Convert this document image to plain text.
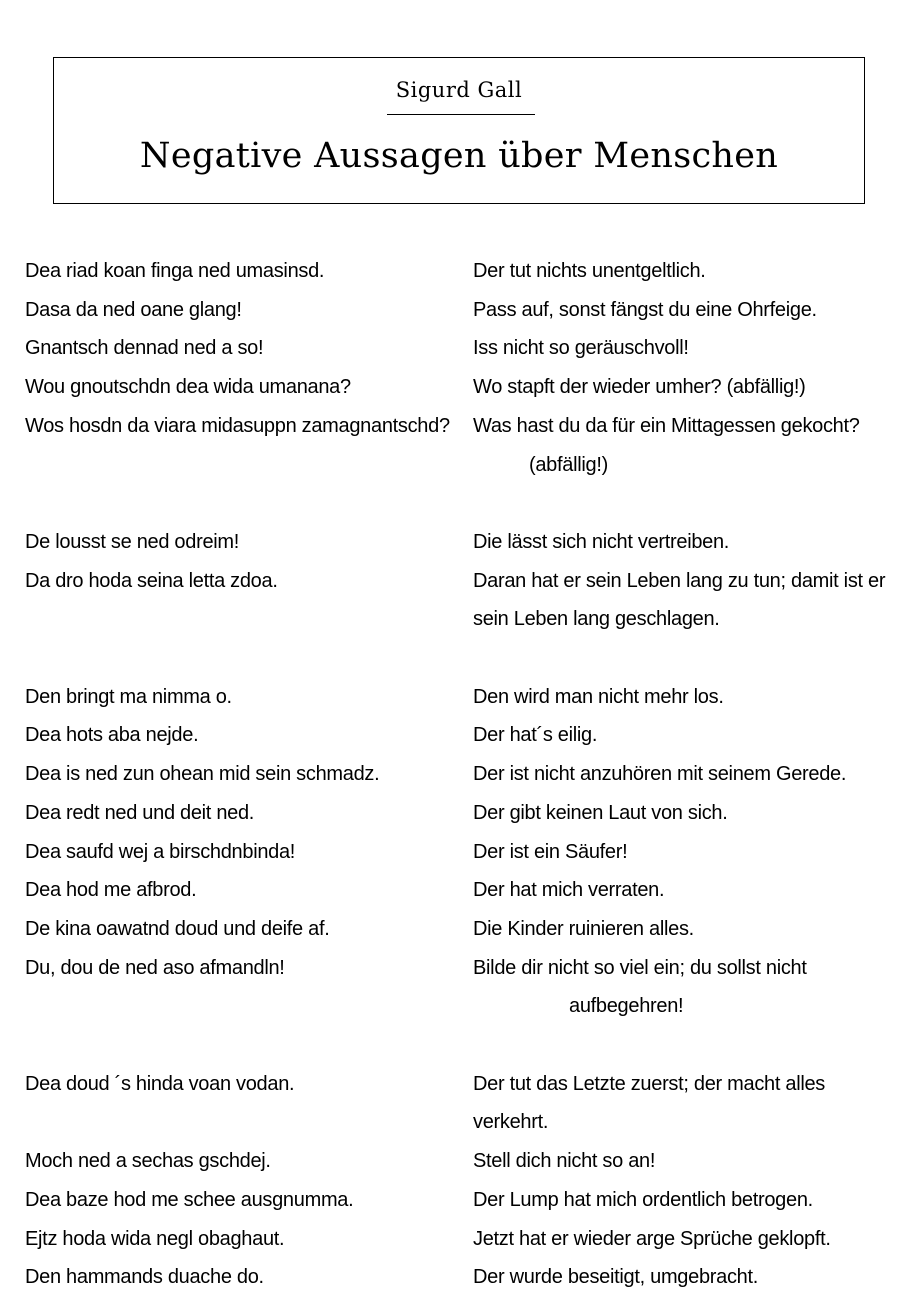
Sigurd Gall
Negative Aussagen über Menschen
Dea riad koan finga ned umasinsd.	Der tut nichts unentgeltlich.
Dasa da ned oane glang!	Pass auf, sonst fängst du eine Ohrfeige.
Gnantsch dennad ned a so!	Iss nicht so geräuschvoll!
Wou gnoutschdn dea wida umanana?	Wo stapft der wieder umher? (abfällig!)
Wos hosdn da viara midasuppn zamagnantschd?	Was hast du da für ein Mittagessen gekocht?
(abfällig!)
De lousst se ned odreim!	Die lässt sich nicht vertreiben.
Da dro hoda seina letta zdoa.	Daran hat er sein Leben lang zu tun; damit ist er
sein Leben lang geschlagen.
Den bringt ma nimma o.	Den wird man nicht mehr los.
Dea hots aba nejde.	Der hat´s eilig.
Dea is ned zun ohean mid sein schmadz.	Der ist nicht anzuhören mit seinem Gerede.
Dea redt ned und deit ned.	Der gibt keinen Laut von sich.
Dea saufd wej a birschdnbinda!	Der ist ein Säufer!
Dea hod me afbrod.	Der hat mich verraten.
De kina oawatnd doud und deife af.	Die Kinder ruinieren alles.
Du, dou de ned aso afmandln!	Bilde dir nicht so viel ein; du sollst nicht
aufbegehren!
Dea doud ´s hinda voan vodan.	Der tut das Letzte zuerst; der macht alles verkehrt.
Moch ned a sechas gschdej.	Stell dich nicht so an!
Dea baze hod me schee ausgnumma.	Der Lump hat mich ordentlich betrogen.
Ejtz hoda wida negl obaghaut.	Jetzt hat er wieder arge Sprüche geklopft.
Den hammands duache do.	Der wurde beseitigt, umgebracht.
